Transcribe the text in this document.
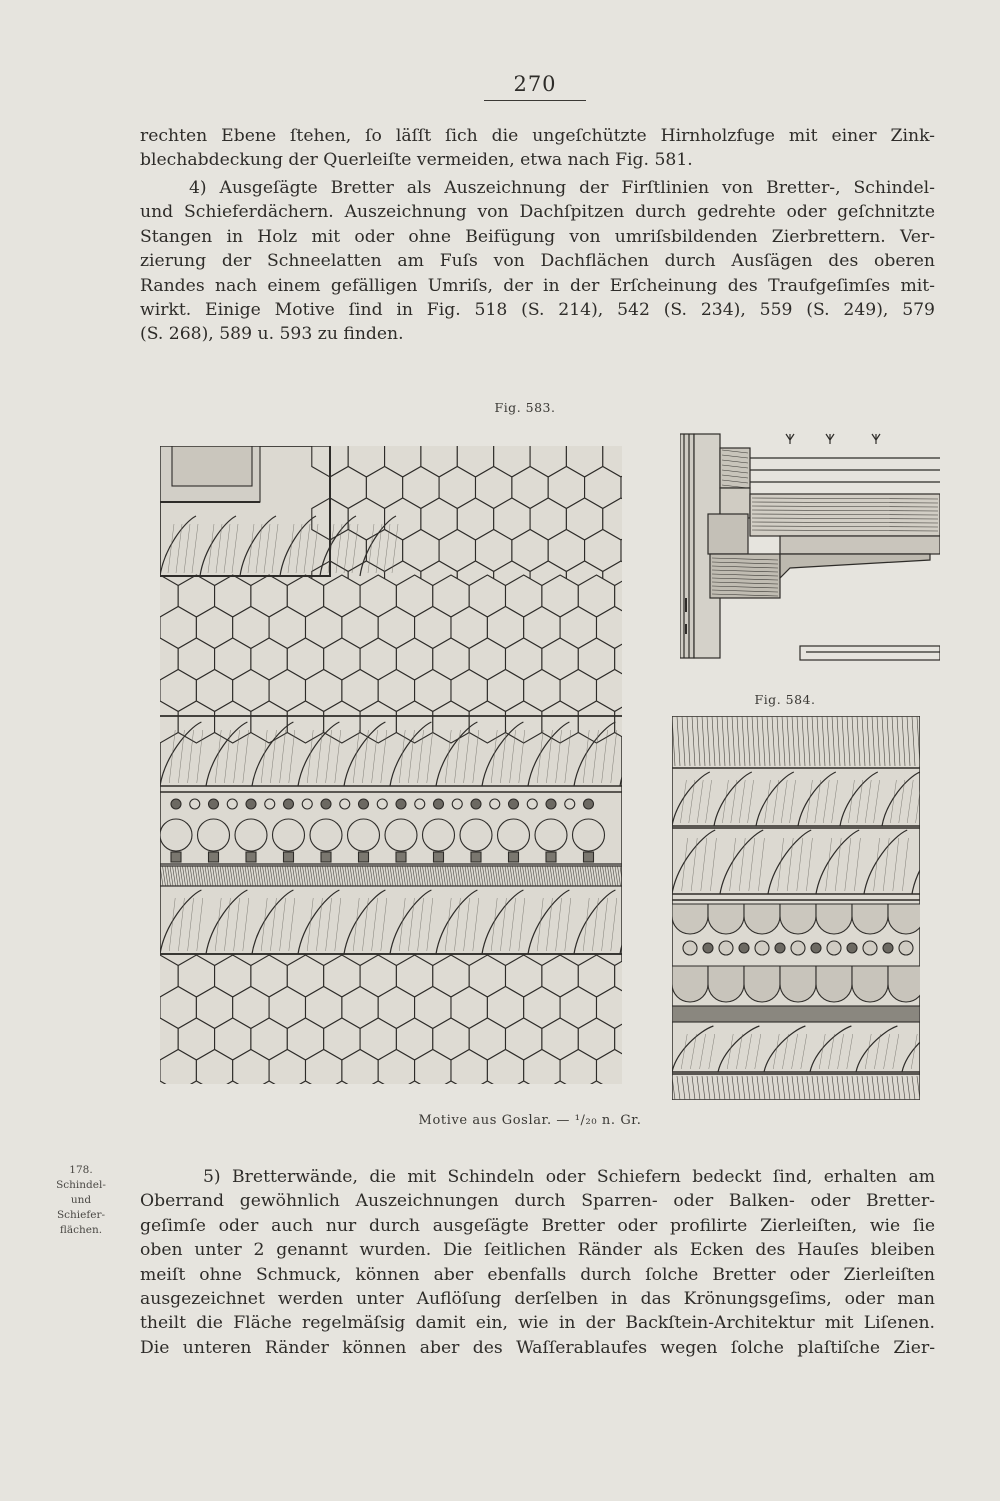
270

rechten Ebene ſtehen, ſo läſſt ſich die ungeſchützte Hirnholzfuge mit einer Zink-

blechabdeckung der Querleiſte vermeiden, etwa nach Fig. 581.

4) Ausgeſägte Bretter als Auszeichnung der Firſtlinien von Bretter-, Schindel-

und Schieferdächern. Auszeichnung von Dachſpitzen durch gedrehte oder geſchnitzte

Stangen in Holz mit oder ohne Beifügung von umriſsbildenden Zierbrettern. Ver-

zierung der Schneelatten am Fuſs von Dachflächen durch Ausſägen des oberen

Randes nach einem gefälligen Umriſs, der in der Erſcheinung des Traufgeſimſes mit-

wirkt. Einige Motive ſind in Fig. 518 (S. 214), 542 (S. 234), 559 (S. 249), 579

(S. 268), 589 u. 593 zu finden.

Fig. 583.
Fig. 584.
Motive aus Goslar. — ¹/₂₀ n. Gr.
178.
Schindel-
und
Schiefer-
flächen.

5) Bretterwände, die mit Schindeln oder Schiefern bedeckt ſind, erhalten am

Oberrand gewöhnlich Auszeichnungen durch Sparren- oder Balken- oder Bretter-

geſimſe oder auch nur durch ausgeſägte Bretter oder profilirte Zierleiſten, wie ſie

oben unter 2 genannt wurden. Die ſeitlichen Ränder als Ecken des Hauſes bleiben

meiſt ohne Schmuck, können aber ebenfalls durch ſolche Bretter oder Zierleiſten

ausgezeichnet werden unter Auflöſung derſelben in das Krönungsgeſims, oder man

theilt die Fläche regelmäſsig damit ein, wie in der Backſtein-Architektur mit Liſenen.

Die unteren Ränder können aber des Waſſerablaufes wegen ſolche plaſtiſche Zier-
